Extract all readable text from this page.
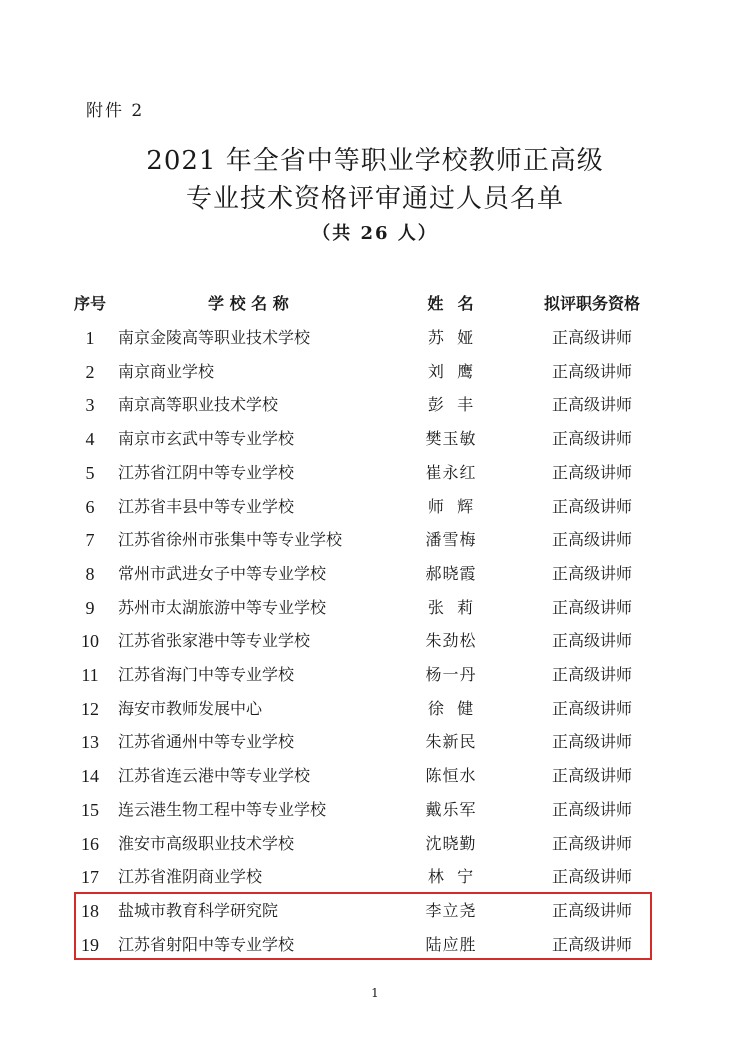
附件 2
2021 年全省中等职业学校教师正高级
专业技术资格评审通过人员名单
（共 26 人）
序号	学 校 名 称	姓  名	拟评职务资格
1	南京金陵高等职业技术学校	苏  娅	正高级讲师
2	南京商业学校	刘  鹰	正高级讲师
3	南京高等职业技术学校	彭  丰	正高级讲师
4	南京市玄武中等专业学校	樊玉敏	正高级讲师
5	江苏省江阴中等专业学校	崔永红	正高级讲师
6	江苏省丰县中等专业学校	师  辉	正高级讲师
7	江苏省徐州市张集中等专业学校	潘雪梅	正高级讲师
8	常州市武进女子中等专业学校	郝晓霞	正高级讲师
9	苏州市太湖旅游中等专业学校	张  莉	正高级讲师
10	江苏省张家港中等专业学校	朱劲松	正高级讲师
11	江苏省海门中等专业学校	杨一丹	正高级讲师
12	海安市教师发展中心	徐  健	正高级讲师
13	江苏省通州中等专业学校	朱新民	正高级讲师
14	江苏省连云港中等专业学校	陈恒水	正高级讲师
15	连云港生物工程中等专业学校	戴乐军	正高级讲师
16	淮安市高级职业技术学校	沈晓勤	正高级讲师
17	江苏省淮阴商业学校	林  宁	正高级讲师
18	盐城市教育科学研究院	李立尧	正高级讲师
19	江苏省射阳中等专业学校	陆应胜	正高级讲师
1
